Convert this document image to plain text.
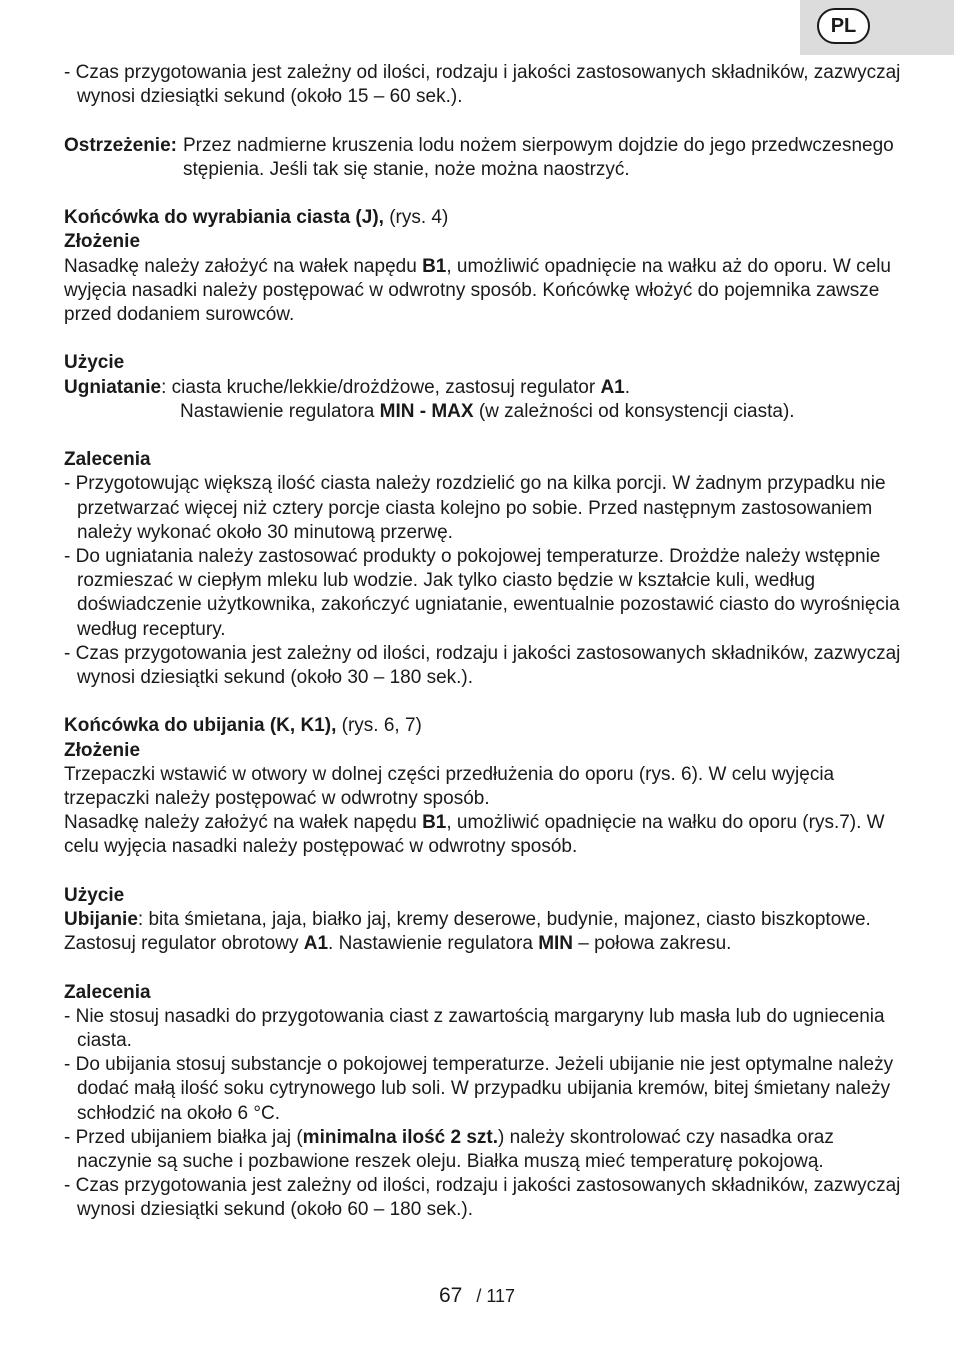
PL

- Czas przygotowania jest zależny od ilości, rodzaju i jakości zastosowanych składników, zazwyczaj wynosi dziesiątki sekund (około 15 – 60 sek.).

Ostrzeżenie: Przez nadmierne kruszenia lodu nożem sierpowym dojdzie do jego przedwczesnego stępienia. Jeśli tak się stanie, noże można naostrzyć.

Końcówka do wyrabiania ciasta (J), (rys. 4)

Złożenie

Nasadkę należy założyć na wałek napędu B1, umożliwić opadnięcie na wałku aż do oporu. W celu wyjęcia nasadki należy postępować w odwrotny sposób. Końcówkę włożyć do pojemnika zawsze przed dodaniem surowców.

Użycie

Ugniatanie: ciasta kruche/lekkie/drożdżowe, zastosuj regulator A1.

Nastawienie regulatora MIN - MAX (w zależności od konsystencji ciasta).

Zalecenia

- Przygotowując większą ilość ciasta należy rozdzielić go na kilka porcji. W żadnym przypadku nie przetwarzać więcej niż cztery porcje ciasta kolejno po sobie. Przed następnym zastosowaniem należy wykonać około 30 minutową przerwę.

- Do ugniatania należy zastosować produkty o pokojowej temperaturze. Drożdże należy wstępnie rozmieszać w ciepłym mleku lub wodzie. Jak tylko ciasto będzie w kształcie kuli, według doświadczenie użytkownika, zakończyć ugniatanie, ewentualnie pozostawić ciasto do wyrośnięcia według receptury.

- Czas przygotowania jest zależny od ilości, rodzaju i jakości zastosowanych składników, zazwyczaj wynosi dziesiątki sekund (około 30 – 180 sek.).

Końcówka do ubijania (K, K1), (rys. 6, 7)

Złożenie

Trzepaczki wstawić w otwory w dolnej części przedłużenia do oporu (rys. 6). W celu wyjęcia trzepaczki należy postępować w odwrotny sposób.

Nasadkę należy założyć na wałek napędu B1, umożliwić opadnięcie na wałku do oporu (rys.7). W celu wyjęcia nasadki należy postępować w odwrotny sposób.

Użycie

Ubijanie : bita śmietana, jaja, białko jaj, kremy deserowe, budynie, majonez, ciasto biszkoptowe.

Zastosuj regulator obrotowy A1. Nastawienie regulatora MIN – połowa zakresu.

Zalecenia

- Nie stosuj nasadki do przygotowania ciast z zawartością margaryny lub masła lub do ugniecenia ciasta.

- Do ubijania stosuj substancje o pokojowej temperaturze. Jeżeli ubijanie nie jest optymalne należy dodać małą ilość soku cytrynowego lub soli. W przypadku ubijania kremów, bitej śmietany należy schłodzić na około 6 °C.

- Przed ubijaniem białka jaj (minimalna ilość 2 szt.) należy skontrolować czy nasadka oraz naczynie są suche i pozbawione reszek oleju. Białka muszą mieć temperaturę pokojową.

- Czas przygotowania jest zależny od ilości, rodzaju i jakości zastosowanych składników, zazwyczaj wynosi dziesiątki sekund (około 60 – 180 sek.).

67 / 117
